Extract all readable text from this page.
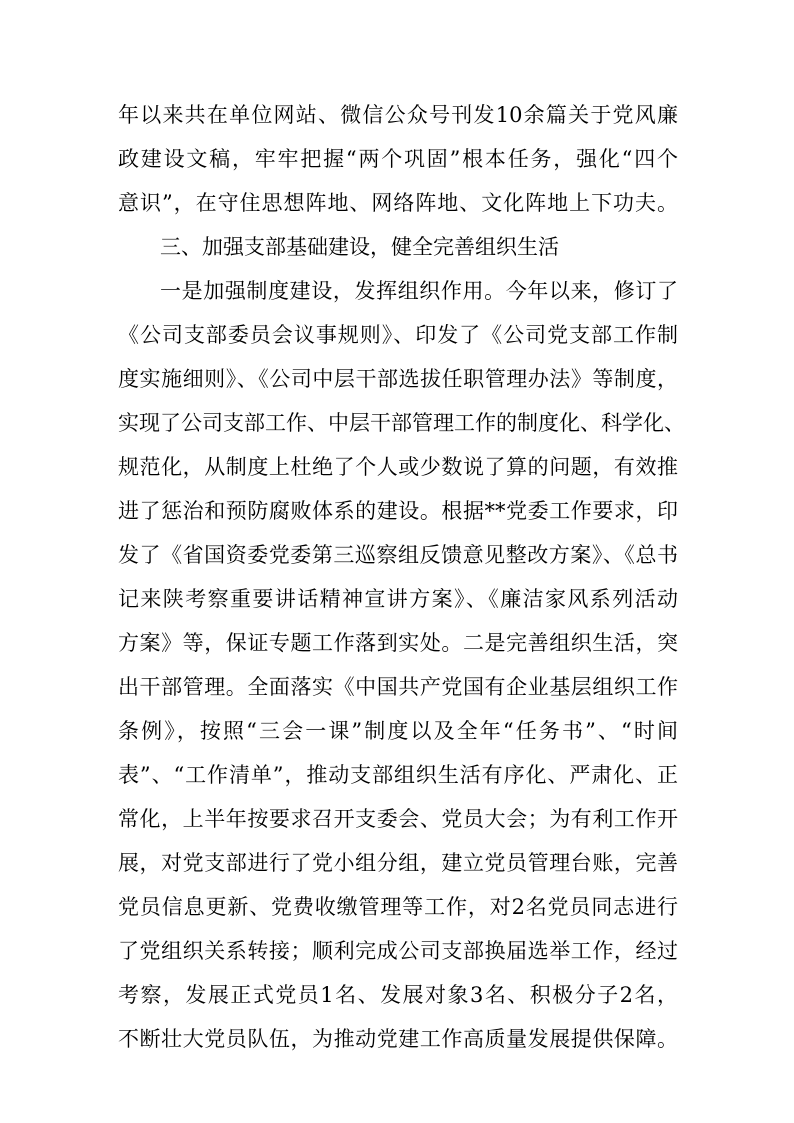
年以来共在单位网站、微信公众号刊发10余篇关于党风廉
政建设文稿，牢牢把握“两个巩固”根本任务，强化“四个
意识”，在守住思想阵地、网络阵地、文化阵地上下功夫。
三、加强支部基础建设，健全完善组织生活
一是加强制度建设，发挥组织作用。今年以来，修订了
《公司支部委员会议事规则》、印发了《公司党支部工作制
度实施细则》、《公司中层干部选拔任职管理办法》等制度，
实现了公司支部工作、中层干部管理工作的制度化、科学化、
规范化，从制度上杜绝了个人或少数说了算的问题，有效推
进了惩治和预防腐败体系的建设。根据**党委工作要求，印
发了《省国资委党委第三巡察组反馈意见整改方案》、《总书
记来陕考察重要讲话精神宣讲方案》、《廉洁家风系列活动
方案》等，保证专题工作落到实处。二是完善组织生活，突
出干部管理。全面落实《中国共产党国有企业基层组织工作
条例》，按照“三会一课”制度以及全年“任务书”、“时间
表”、“工作清单”，推动支部组织生活有序化、严肃化、正
常化，上半年按要求召开支委会、党员大会；为有利工作开
展，对党支部进行了党小组分组，建立党员管理台账，完善
党员信息更新、党费收缴管理等工作，对2名党员同志进行
了党组织关系转接；顺利完成公司支部换届选举工作，经过
考察，发展正式党员1名、发展对象3名、积极分子2名，
不断壮大党员队伍，为推动党建工作高质量发展提供保障。
